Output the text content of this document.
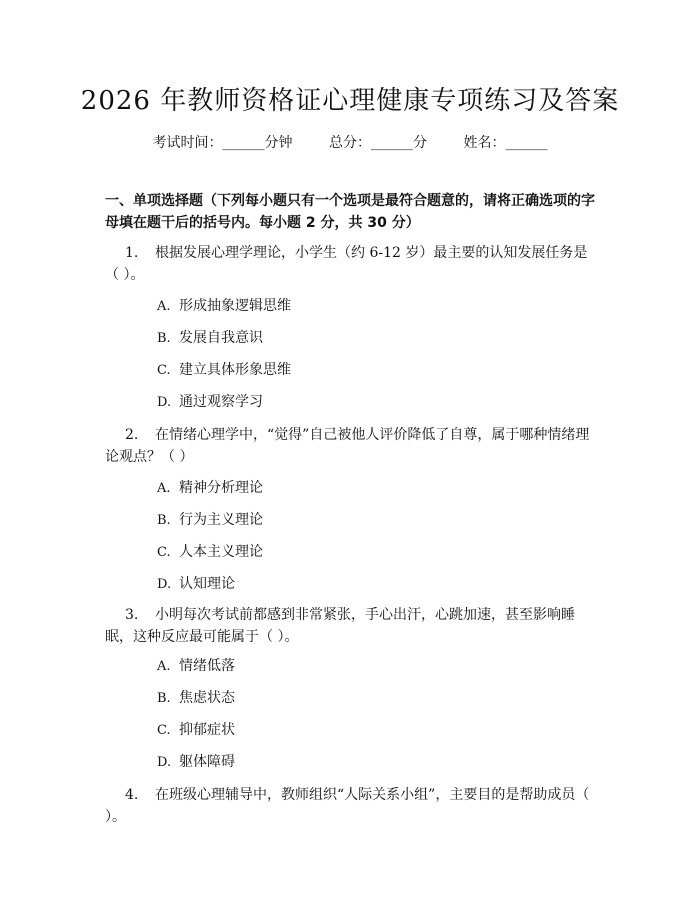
2026 年教师资格证心理健康专项练习及答案
考试时间：______分钟	总分：______分	姓名：______
一、单项选择题（下列每小题只有一个选项是最符合题意的，请将正确选项的字母填在题干后的括号内。每小题 2 分，共 30 分）
1. 根据发展心理学理论，小学生（约 6-12 岁）最主要的认知发展任务是（ ）。
A. 形成抽象逻辑思维
B. 发展自我意识
C. 建立具体形象思维
D. 通过观察学习
2. 在情绪心理学中，“觉得”自己被他人评价降低了自尊，属于哪种情绪理论观点？（ ）
A. 精神分析理论
B. 行为主义理论
C. 人本主义理论
D. 认知理论
3. 小明每次考试前都感到非常紧张，手心出汗，心跳加速，甚至影响睡眠，这种反应最可能属于（ ）。
A. 情绪低落
B. 焦虑状态
C. 抑郁症状
D. 躯体障碍
4. 在班级心理辅导中，教师组织“人际关系小组”，主要目的是帮助成员（ ）。
